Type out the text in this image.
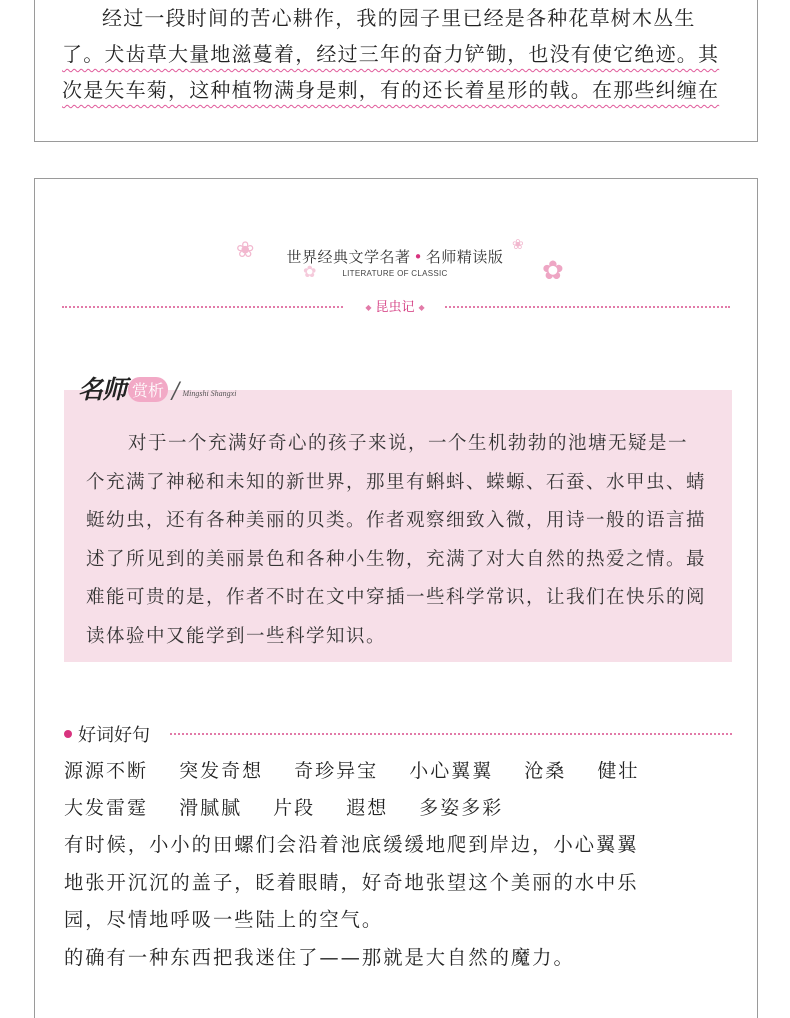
经过一段时间的苦心耕作，我的园子里已经是各种花草树木丛生
了。犬齿草大量地滋蔓着，经过三年的奋力铲锄，也没有使它绝迹。其
次是矢车菊，这种植物满身是刺，有的还长着星形的戟。在那些纠缠在
❀
✿
❀
✿
世界经典文学名著 • 名师精读版
LITERATURE OF CLASSIC
◆ 昆虫记 ◆
名师 赏析 / Mingshi Shangxi
对于一个充满好奇心的孩子来说，一个生机勃勃的池塘无疑是一
个充满了神秘和未知的新世界，那里有蝌蚪、蝾螈、石蚕、水甲虫、蜻
蜓幼虫，还有各种美丽的贝类。作者观察细致入微，用诗一般的语言描
述了所见到的美丽景色和各种小生物，充满了对大自然的热爱之情。最
难能可贵的是，作者不时在文中穿插一些科学常识，让我们在快乐的阅
读体验中又能学到一些科学知识。
好词好句
源源不断 突发奇想 奇珍异宝 小心翼翼 沧桑 健壮
大发雷霆 滑腻腻 片段 遐想 多姿多彩
有时候，小小的田螺们会沿着池底缓缓地爬到岸边，小心翼翼
地张开沉沉的盖子，眨着眼睛，好奇地张望这个美丽的水中乐
园，尽情地呼吸一些陆上的空气。
的确有一种东西把我迷住了——那就是大自然的魔力。
